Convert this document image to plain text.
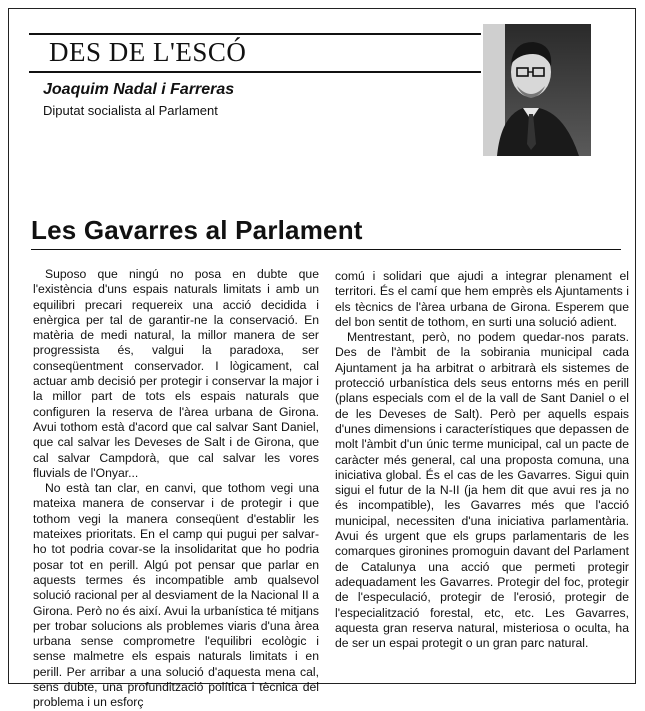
DES DE L'ESCÓ
Joaquim Nadal i Farreras
Diputat socialista al Parlament
Les Gavarres al Parlament

Suposo que ningú no posa en dubte que l'existència d'uns espais naturals limitats i amb un equilibri precari requereix una acció decidida i enèrgica per tal de garantir-ne la conservació. En matèria de medi natural, la millor manera de ser progressista és, valgui la paradoxa, ser conseqüentment conservador. I lògicament, cal actuar amb decisió per protegir i conservar la major i la millor part de tots els espais naturals que configuren la reserva de l'àrea urbana de Girona. Avui tothom està d'acord que cal salvar Sant Daniel, que cal salvar les Deveses de Salt i de Girona, que cal salvar Campdorà, que cal salvar les vores fluvials de l'Onyar...

No està tan clar, en canvi, que tothom vegi una mateixa manera de conservar i de protegir i que tothom vegi la manera conseqüent d'establir les mateixes prioritats. En el camp qui pugui per salvar-ho tot podria covar-se la insolidaritat que ho podria posar tot en perill. Algú pot pensar que parlar en aquests termes és incompatible amb qualsevol solució racional per al desviament de la Nacional II a Girona. Però no és així. Avui la urbanística té mitjans per trobar solucions als problemes viaris d'una àrea urbana sense comprometre l'equilibri ecològic i sense malmetre els espais naturals limitats i en perill. Per arribar a una solució d'aquesta mena cal, sens dubte, una profundització política i tècnica del problema i un esforç

comú i solidari que ajudi a integrar plenament el territori. És el camí que hem emprès els Ajuntaments i els tècnics de l'àrea urbana de Girona. Esperem que del bon sentit de tothom, en surti una solució adient.

Mentrestant, però, no podem quedar-nos parats. Des de l'àmbit de la sobirania municipal cada Ajuntament ja ha arbitrat o arbitrarà els sistemes de protecció urbanística dels seus entorns més en perill (plans especials com el de la vall de Sant Daniel o el de les Deveses de Salt). Però per aquells espais d'unes dimensions i característiques que depassen de molt l'àmbit d'un únic terme municipal, cal un pacte de caràcter més general, cal una proposta comuna, una iniciativa global. És el cas de les Gavarres. Sigui quin sigui el futur de la N-II (ja hem dit que avui res ja no és incompatible), les Gavarres més que l'acció municipal, necessiten d'una iniciativa parlamentària. Avui és urgent que els grups parlamentaris de les comarques gironines promoguin davant del Parlament de Catalunya una acció que permeti protegir adequadament les Gavarres. Protegir del foc, protegir de l'especulació, protegir de l'erosió, protegir de l'especialització forestal, etc, etc. Les Gavarres, aquesta gran reserva natural, misteriosa o oculta, ha de ser un espai protegit o un gran parc natural.
